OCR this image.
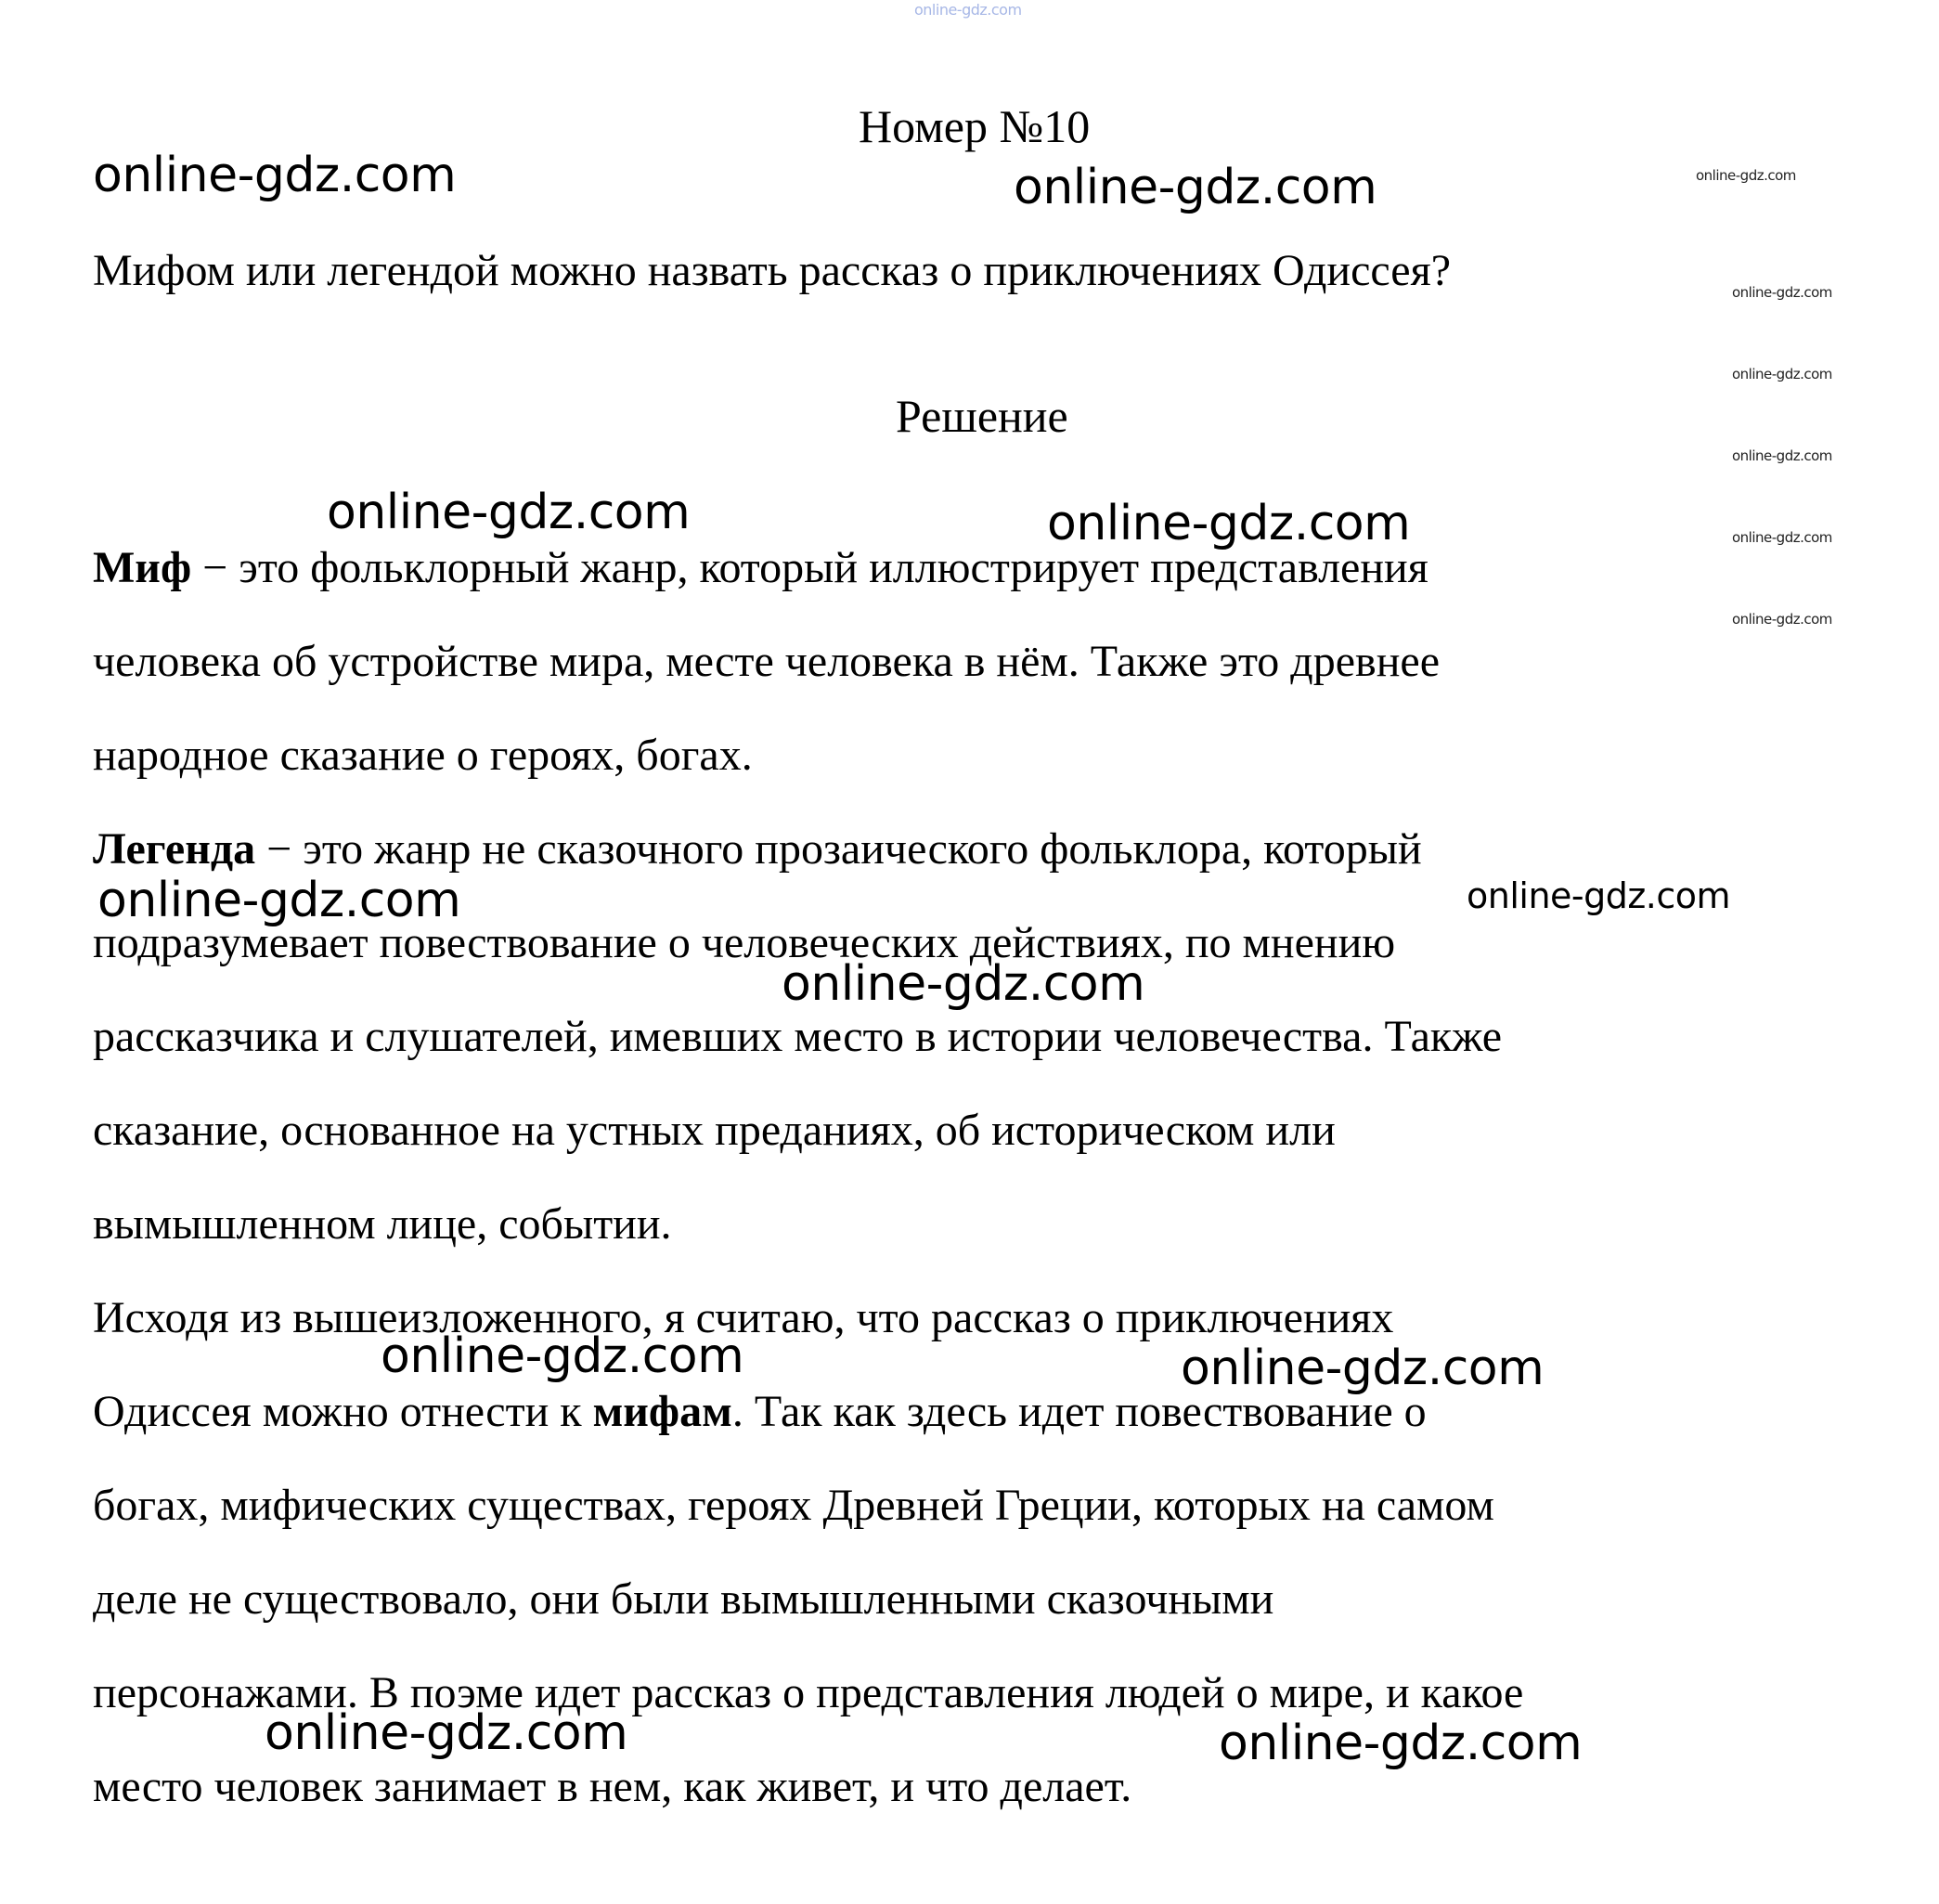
online-gdz.com
Номер №10

Мифом или легендой можно назвать рассказ о приключениях Одиссея?

Решение

Миф − это фольклорный жанр, который иллюстрирует представления

человека об устройстве мира, месте человека в нём. Также это древнее

народное сказание о героях, богах.

Легенда − это жанр не сказочного прозаического фольклора, который

подразумевает повествование о человеческих действиях, по мнению

рассказчика и слушателей, имевших место в истории человечества. Также

сказание, основанное на устных преданиях, об историческом или

вымышленном лице, событии.

Исходя из вышеизложенного, я считаю, что рассказ о приключениях

Одиссея можно отнести к мифам. Так как здесь идет повествование о

богах, мифических существах, героях Древней Греции, которых на самом

деле не существовало, они были вымышленными сказочными

персонажами. В поэме идет рассказ о представления людей о мире, и какое

место человек занимает в нем, как живет, и что делает.

online-gdz.com	online-gdz.com
online-gdz.com	online-gdz.com
online-gdz.com
online-gdz.com
online-gdz.com	online-gdz.com
online-gdz.com	online-gdz.com
online-gdz.com
online-gdz.com
online-gdz.com
online-gdz.com
online-gdz.com
online-gdz.com
online-gdz.com
